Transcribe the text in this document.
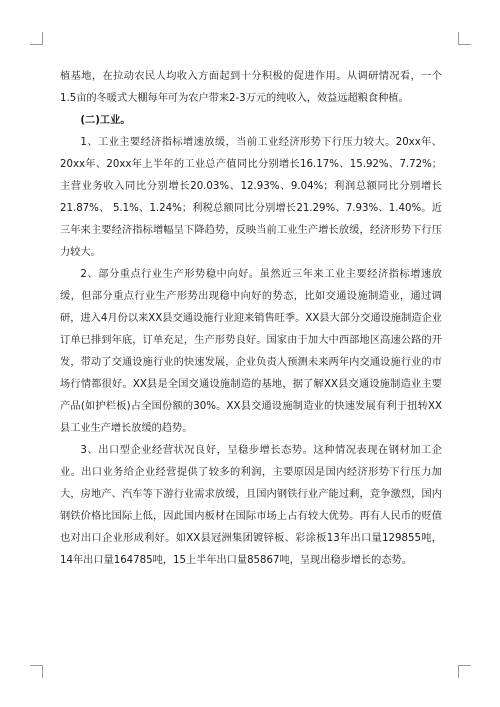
植基地，在拉动农民人均收入方面起到十分积极的促进作用。从调研情况看，一个1.5亩的冬暖式大棚每年可为农户带来2-3万元的纯收入，效益远超粮食种植。

(二)工业。

1、工业主要经济指标增速放缓，当前工业经济形势下行压力较大。20xx年、20xx年、20xx年上半年的工业总产值同比分别增长16.17%、15.92%、7.72%；主营业务收入同比分别增长20.03%、12.93%、9.04%；利润总额同比分别增长21.87%、 5.1%、1.24%；利税总额同比分别增长21.29%、7.93%、1.40%。近三年来主要经济指标增幅呈下降趋势，反映当前工业生产增长放缓，经济形势下行压力较大。

2、部分重点行业生产形势稳中向好。虽然近三年来工业主要经济指标增速放缓，但部分重点行业生产形势出现稳中向好的势态，比如交通设施制造业，通过调研，进入4月份以来XX县交通设施行业迎来销售旺季。XX县大部分交通设施制造企业订单已排到年底，订单充足，生产形势良好。国家由于加大中西部地区高速公路的开发，带动了交通设施行业的快速发展，企业负责人预测未来两年内交通设施行业的市场行情都很好。XX县是全国交通设施制造的基地，据了解XX县交通设施制造业主要产品(如护栏板)占全国份额的30%。XX县交通设施制造业的快速发展有利于扭转XX县工业生产增长放缓的趋势。

3、出口型企业经营状况良好，呈稳步增长态势。这种情况表现在钢材加工企业。出口业务给企业经营提供了较多的利润，主要原因是国内经济形势下行压力加大，房地产、汽车等下游行业需求放缓，且国内钢铁行业产能过剩，竞争激烈，国内钢铁价格比国际上低，因此国内板材在国际市场上占有较大优势。再有人民币的贬值也对出口企业形成利好。如XX县冠洲集团镀锌板、彩涂板13年出口量129855吨，14年出口量164785吨，15上半年出口量85867吨，呈现出稳步增长的态势。
